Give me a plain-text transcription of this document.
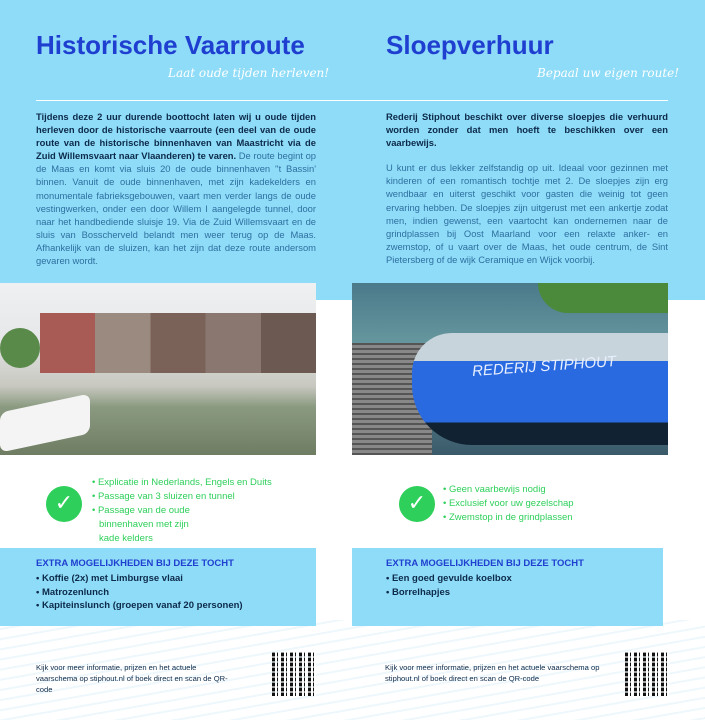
Historische Vaarroute
Laat oude tijden herleven!
Tijdens deze 2 uur durende boottocht laten wij u oude tijden herleven door de historische vaarroute (een deel van de oude route van de historische binnenhaven van Maastricht via de Zuid Willemsvaart naar Vlaanderen) te varen. De route begint op de Maas en komt via sluis 20 de oude binnenhaven ''t Bassin' binnen. Vanuit de oude binnenhaven, met zijn kadekelders en monumentale fabrieksgebouwen, vaart men verder langs de oude vestingwerken, onder een door Willem I aangelegde tunnel, door naar het handbediende sluisje 19. Via de Zuid Willemsvaart en de sluis van Bosscherveld belandt men weer terug op de Maas. Afhankelijk van de sluizen, kan het zijn dat deze route andersom gevaren wordt.
✓
• Explicatie in Nederlands, Engels en Duits
• Passage van 3 sluizen en tunnel
• Passage van de oude binnenhaven met zijn kade kelders
EXTRA MOGELIJKHEDEN BIJ DEZE TOCHT
• Koffie (2x) met Limburgse vlaai
• Matrozenlunch
• Kapiteinslunch (groepen vanaf 20 personen)
Kijk voor meer informatie, prijzen en het actuele vaarschema op stiphout.nl of boek direct en scan de QR-code
Sloepverhuur
Bepaal uw eigen route!
Rederij Stiphout beschikt over diverse sloepjes die verhuurd worden zonder dat men hoeft te beschikken over een vaarbewijs.
U kunt er dus lekker zelfstandig op uit. Ideaal voor gezinnen met kinderen of een romantisch tochtje met 2. De sloepjes zijn erg wendbaar en uiterst geschikt voor gasten die weinig tot geen ervaring hebben. De sloepjes zijn uitgerust met een ankertje zodat men, indien gewenst, een vaartocht kan ondernemen naar de grindplassen bij Oost Maarland voor een relaxte anker- en zwemstop, of u vaart over de Maas, het oude centrum, de Sint Pietersberg of de wijk Ceramique en Wijck voorbij.
REDERIJ STIPHOUT
✓
• Geen vaarbewijs nodig
• Exclusief voor uw gezelschap
• Zwemstop in de grindplassen
EXTRA MOGELIJKHEDEN BIJ DEZE TOCHT
• Een goed gevulde koelbox
• Borrelhapjes
Kijk voor meer informatie, prijzen en het actuele vaarschema op stiphout.nl of boek direct en scan de QR-code
